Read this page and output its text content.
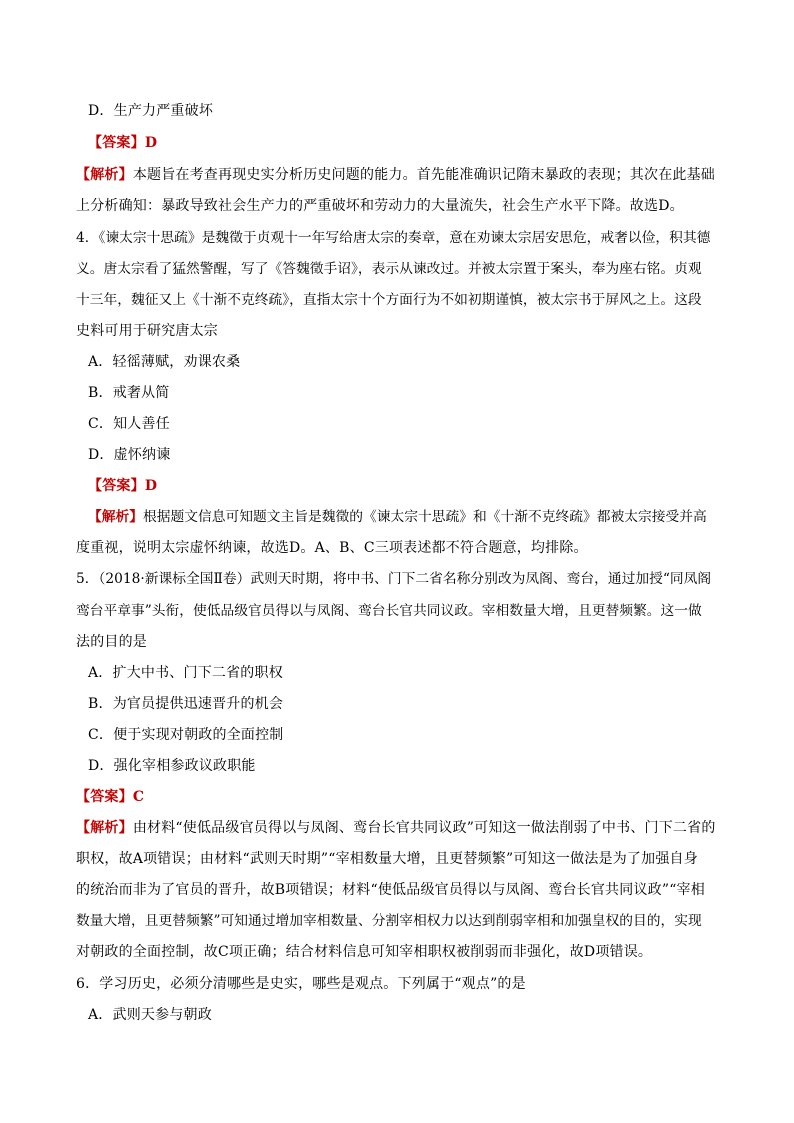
D．生产力严重破坏
【答案】D
【解析】本题旨在考查再现史实分析历史问题的能力。首先能准确识记隋末暴政的表现；其次在此基础
上分析确知：暴政导致社会生产力的严重破坏和劳动力的大量流失，社会生产水平下降。故选D。
4．《谏太宗十思疏》是魏徵于贞观十一年写给唐太宗的奏章，意在劝谏太宗居安思危，戒奢以俭，积其德
义。唐太宗看了猛然警醒，写了《答魏徵手诏》，表示从谏改过。并被太宗置于案头，奉为座右铭。贞观
十三年，魏征又上《十渐不克终疏》，直指太宗十个方面行为不如初期谨慎，被太宗书于屏风之上。这段
史料可用于研究唐太宗
A．轻徭薄赋，劝课农桑
B．戒奢从简
C．知人善任
D．虚怀纳谏
【答案】D
【解析】根据题文信息可知题文主旨是魏徵的《谏太宗十思疏》和《十渐不克终疏》都被太宗接受并高
度重视，说明太宗虚怀纳谏，故选D。A、B、C三项表述都不符合题意，均排除。
5．（2018·新课标全国Ⅱ卷）武则天时期，将中书、门下二省名称分别改为凤阁、鸾台，通过加授“同凤阁
鸾台平章事”头衔，使低品级官员得以与凤阁、鸾台长官共同议政。宰相数量大增，且更替频繁。这一做
法的目的是
A．扩大中书、门下二省的职权
B．为官员提供迅速晋升的机会
C．便于实现对朝政的全面控制
D．强化宰相参政议政职能
【答案】C
【解析】由材料“使低品级官员得以与凤阁、鸾台长官共同议政”可知这一做法削弱了中书、门下二省的
职权，故A项错误；由材料“武则天时期”“宰相数量大增，且更替频繁”可知这一做法是为了加强自身
的统治而非为了官员的晋升，故B项错误；材料“使低品级官员得以与凤阁、鸾台长官共同议政”“宰相
数量大增，且更替频繁”可知通过增加宰相数量、分割宰相权力以达到削弱宰相和加强皇权的目的，实现
对朝政的全面控制，故C项正确；结合材料信息可知宰相职权被削弱而非强化，故D项错误。
6．学习历史，必须分清哪些是史实，哪些是观点。下列属于“观点”的是
A．武则天参与朝政
